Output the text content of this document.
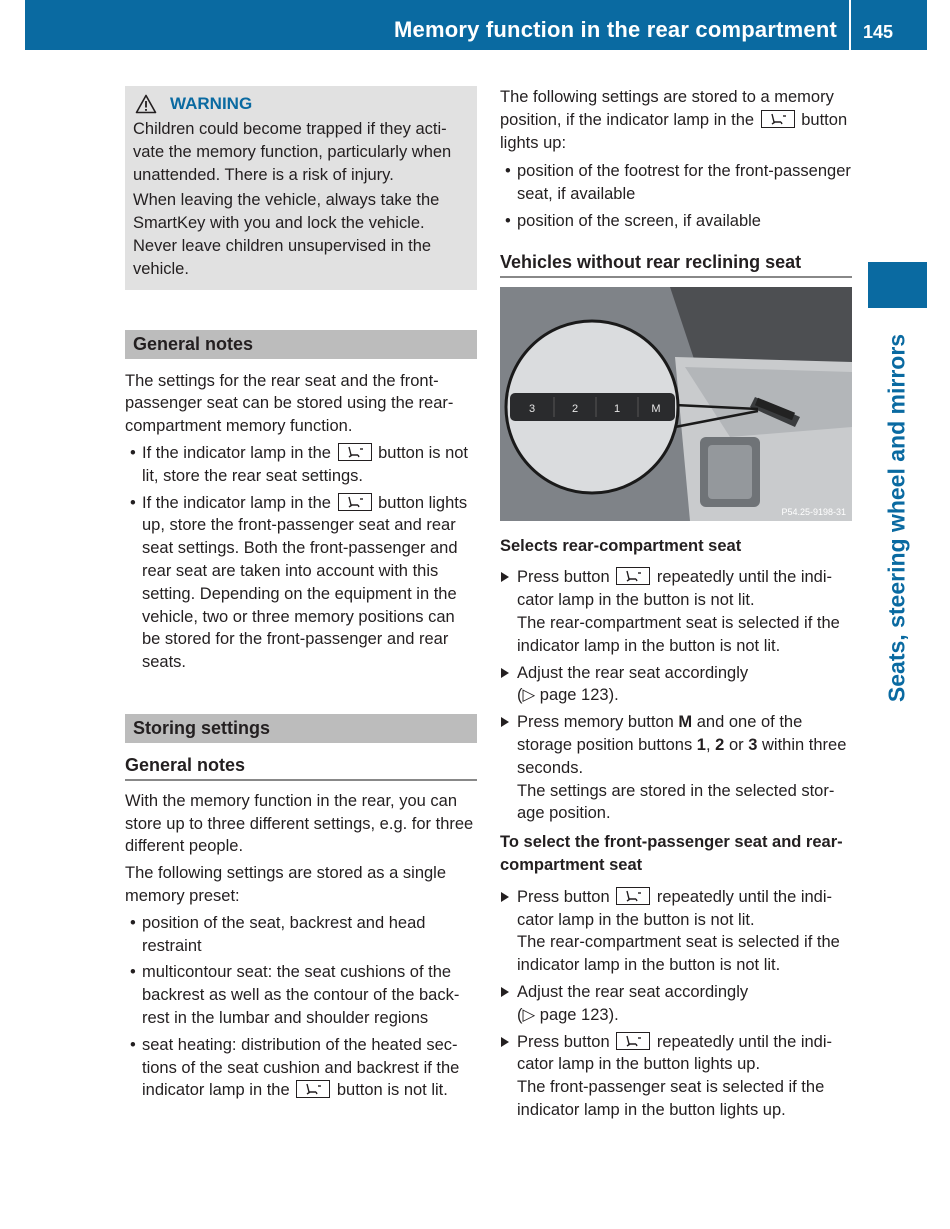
Memory function in the rear compartment 145
Seats, steering wheel and mirrors
WARNING

Children could become trapped if they acti-vate the memory function, particularly when unattended. There is a risk of injury.

When leaving the vehicle, always take the SmartKey with you and lock the vehicle. Never leave children unsupervised in the vehicle.

General notes

The settings for the rear seat and the front-passenger seat can be stored using the rear-compartment memory function.

• If the indicator lamp in the	button is not lit, store the rear seat settings.
• If the indicator lamp in the	button lights up, store the front-passenger seat and rear seat settings. Both the front-passenger and rear seat are taken into account with this setting. Depending on the equipment in the vehicle, two or three memory positions can be stored for the front-passenger and rear seats.
Storing settings
General notes

With the memory function in the rear, you can store up to three different settings, e.g. for three different people.

The following settings are stored as a single memory preset:

• position of the seat, backrest and head restraint
• multicontour seat: the seat cushions of the backrest as well as the contour of the back-rest in the lumbar and shoulder regions
• seat heating: distribution of the heated sec-tions of the seat cushion and backrest if the indicator lamp in the	button is not lit.

The following settings are stored to a memory position, if the indicator lamp in the	button lights up:

• position of the footrest for the front-passenger seat, if available
• position of the screen, if available
Vehicles without rear reclining seat
3	2	1	M
P54.25-9198-31
Selects rear-compartment seat
Press button	repeatedly until the indi-cator lamp in the button is not lit.
The rear-compartment seat is selected if the indicator lamp in the button is not lit.
Adjust the rear seat accordingly
(▷ page 123).
Press memory button M and one of the storage position buttons 1, 2 or 3 within three seconds.
The settings are stored in the selected stor-age position.
To select the front-passenger seat and rear-compartment seat
Press button	repeatedly until the indi-cator lamp in the button is not lit.
The rear-compartment seat is selected if the indicator lamp in the button is not lit.
Adjust the rear seat accordingly
(▷ page 123).
Press button	repeatedly until the indi-cator lamp in the button lights up.
The front-passenger seat is selected if the indicator lamp in the button lights up.
